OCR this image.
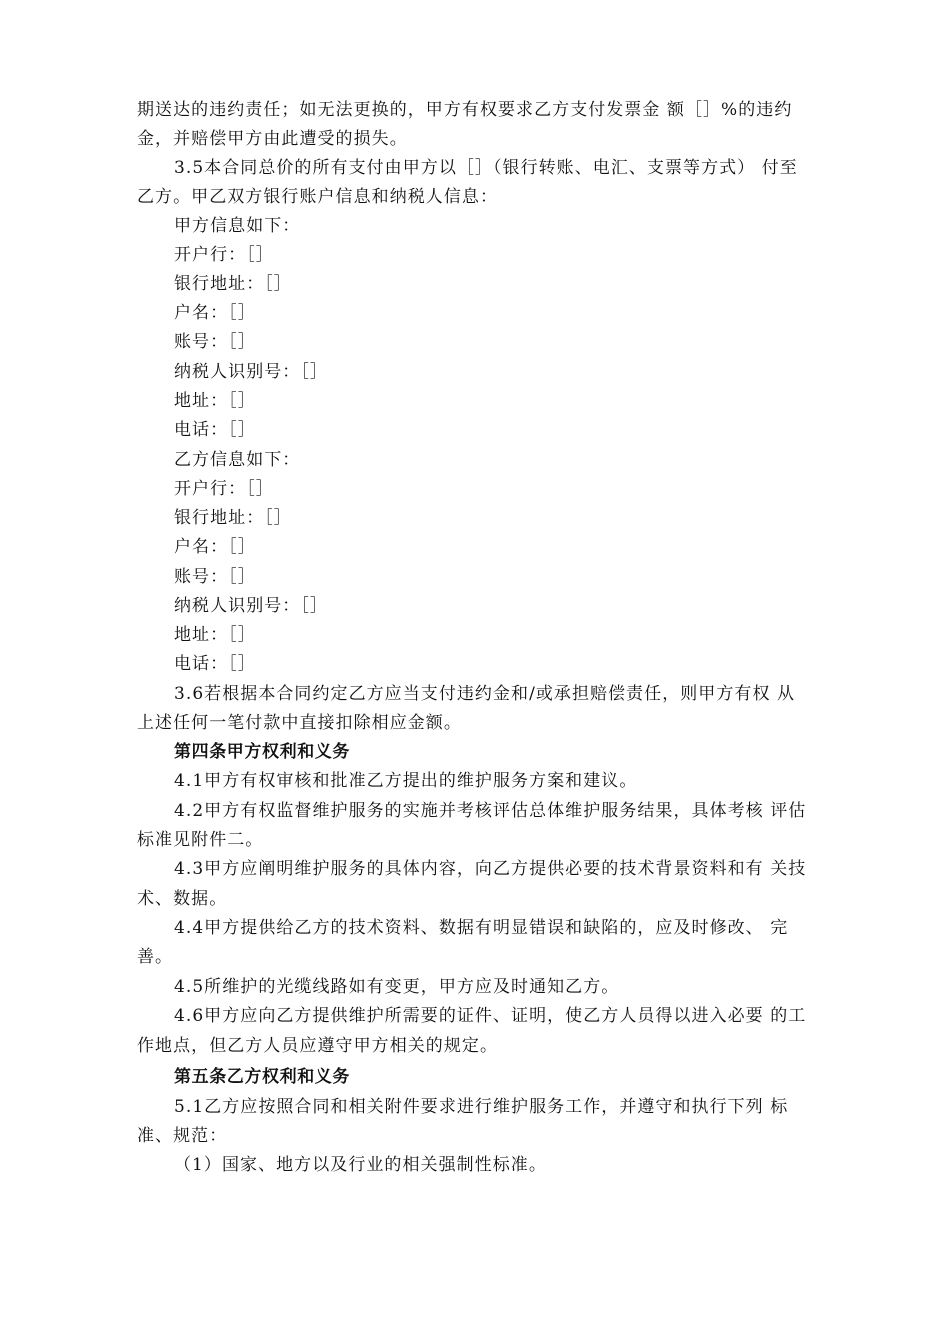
期送达的违约责任；如无法更换的，甲方有权要求乙方支付发票金 额［］%的违约
金，并赔偿甲方由此遭受的损失。
3.5本合同总价的所有支付由甲方以［］（银行转账、电汇、支票等方式） 付至
乙方。甲乙双方银行账户信息和纳税人信息：
甲方信息如下：
开户行：［］
银行地址：［］
户名：［］
账号：［］
纳税人识别号：［］
地址：［］
电话：［］
乙方信息如下：
开户行：［］
银行地址：［］
户名：［］
账号：［］
纳税人识别号：［］
地址：［］
电话：［］
3.6若根据本合同约定乙方应当支付违约金和/或承担赔偿责任，则甲方有权 从
上述任何一笔付款中直接扣除相应金额。
第四条甲方权利和义务
4.1甲方有权审核和批准乙方提出的维护服务方案和建议。
4.2甲方有权监督维护服务的实施并考核评估总体维护服务结果，具体考核 评估
标准见附件二。
4.3甲方应阐明维护服务的具体内容，向乙方提供必要的技术背景资料和有 关技
术、数据。
4.4甲方提供给乙方的技术资料、数据有明显错误和缺陷的，应及时修改、 完
善。
4.5所维护的光缆线路如有变更，甲方应及时通知乙方。
4.6甲方应向乙方提供维护所需要的证件、证明，使乙方人员得以进入必要 的工
作地点，但乙方人员应遵守甲方相关的规定。
第五条乙方权利和义务
5.1乙方应按照合同和相关附件要求进行维护服务工作，并遵守和执行下列 标
准、规范：
（1）国家、地方以及行业的相关强制性标准。
